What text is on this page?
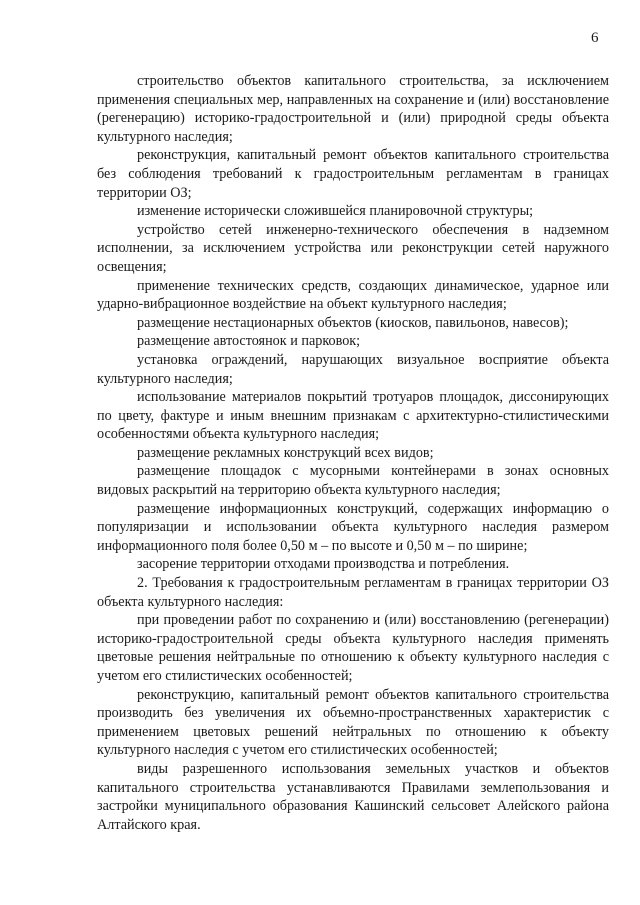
6

строительство объектов капитального строительства, за исключением применения специальных мер, направленных на сохранение и (или) восстановление (регенерацию) историко-градостроительной и (или) природной среды объекта культурного наследия;

реконструкция, капитальный ремонт объектов капитального строительства без соблюдения требований к градостроительным регламентам в границах территории ОЗ;

изменение исторически сложившейся планировочной структуры;

устройство сетей инженерно-технического обеспечения в надземном исполнении, за исключением устройства или реконструкции сетей наружного освещения;

применение технических средств, создающих динамическое, ударное или ударно-вибрационное воздействие на объект культурного наследия;

размещение нестационарных объектов (киосков, павильонов, навесов);

размещение автостоянок и парковок;

установка ограждений, нарушающих визуальное восприятие объекта культурного наследия;

использование материалов покрытий тротуаров площадок, диссонирующих по цвету, фактуре и иным внешним признакам с архитектурно-стилистическими особенностями объекта культурного наследия;

размещение рекламных конструкций всех видов;

размещение площадок с мусорными контейнерами в зонах основных видовых раскрытий на территорию объекта культурного наследия;

размещение информационных конструкций, содержащих информацию о популяризации и использовании объекта культурного наследия размером информационного поля более 0,50 м – по высоте и 0,50 м – по ширине;

засорение территории отходами производства и потребления.

2. Требования к градостроительным регламентам в границах территории ОЗ объекта культурного наследия:

при проведении работ по сохранению и (или) восстановлению (регенерации) историко-градостроительной среды объекта культурного наследия применять цветовые решения нейтральные по отношению к объекту культурного наследия с учетом его стилистических особенностей;

реконструкцию, капитальный ремонт объектов капитального строительства производить без увеличения их объемно-пространственных характеристик с применением цветовых решений нейтральных по отношению к объекту культурного наследия с учетом его стилистических особенностей;

виды разрешенного использования земельных участков и объектов капитального строительства устанавливаются Правилами землепользования и застройки муниципального образования Кашинский сельсовет Алейского района Алтайского края.
